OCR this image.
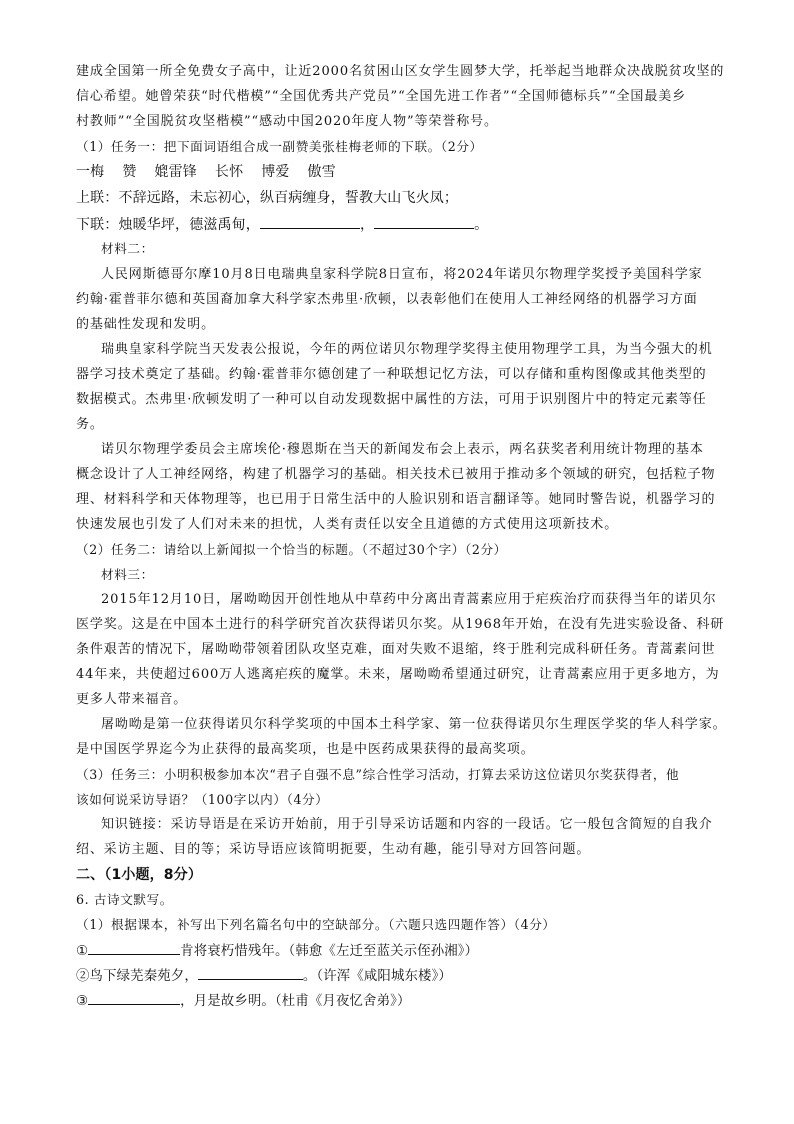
建成全国第一所全免费女子高中，让近2000名贫困山区女学生圆梦大学，托举起当地群众决战脱贫攻坚的
信心希望。她曾荣获“时代楷模”“全国优秀共产党员”“全国先进工作者”“全国师德标兵”“全国最美乡
村教师”“全国脱贫攻坚楷模”“感动中国2020年度人物”等荣誉称号。
（1）任务一：把下面词语组合成一副赞美张桂梅老师的下联。（2分）
一梅 赞 媲雷锋 长怀 博爱 傲雪
上联：不辞远路，未忘初心，纵百病缠身，誓教大山飞火凤；
下联：烛暖华坪，德滋禹甸，	，	。
材料二：
人民网斯德哥尔摩10月8日电瑞典皇家科学院8日宣布，将2024年诺贝尔物理学奖授予美国科学家
约翰·霍普菲尔德和英国裔加拿大科学家杰弗里·欣顿，以表彰他们在使用人工神经网络的机器学习方面
的基础性发现和发明。
瑞典皇家科学院当天发表公报说，今年的两位诺贝尔物理学奖得主使用物理学工具，为当今强大的机
器学习技术奠定了基础。约翰·霍普菲尔德创建了一种联想记忆方法，可以存储和重构图像或其他类型的
数据模式。杰弗里·欣顿发明了一种可以自动发现数据中属性的方法，可用于识别图片中的特定元素等任
务。
诺贝尔物理学委员会主席埃伦·穆恩斯在当天的新闻发布会上表示，两名获奖者利用统计物理的基本
概念设计了人工神经网络，构建了机器学习的基础。相关技术已被用于推动多个领域的研究，包括粒子物
理、材料科学和天体物理等，也已用于日常生活中的人脸识别和语言翻译等。她同时警告说，机器学习的
快速发展也引发了人们对未来的担忧，人类有责任以安全且道德的方式使用这项新技术。
（2）任务二：请给以上新闻拟一个恰当的标题。（不超过30个字）（2分）
材料三：
2015年12月10日，屠呦呦因开创性地从中草药中分离出青蒿素应用于疟疾治疗而获得当年的诺贝尔
医学奖。这是在中国本土进行的科学研究首次获得诺贝尔奖。从1968年开始，在没有先进实验设备、科研
条件艰苦的情况下，屠呦呦带领着团队攻坚克难，面对失败不退缩，终于胜利完成科研任务。青蒿素问世
44年来，共使超过600万人逃离疟疾的魔掌。未来，屠呦呦希望通过研究，让青蒿素应用于更多地方，为
更多人带来福音。
屠呦呦是第一位获得诺贝尔科学奖项的中国本土科学家、第一位获得诺贝尔生理医学奖的华人科学家。
是中国医学界迄今为止获得的最高奖项，也是中医药成果获得的最高奖项。
（3）任务三：小明积极参加本次“君子自强不息”综合性学习活动，打算去采访这位诺贝尔奖获得者，他
该如何说采访导语？（100字以内）（4分）
知识链接：采访导语是在采访开始前，用于引导采访话题和内容的一段话。它一般包含简短的自我介
绍、采访主题、目的等；采访导语应该简明扼要，生动有趣，能引导对方回答问题。
二、（1小题，8分）
6. 古诗文默写。
（1）根据课本，补写出下列名篇名句中的空缺部分。（六题只选四题作答）（4分）
①	肯将衰朽惜残年。（韩愈《左迁至蓝关示侄孙湘》）
②鸟下绿芜秦苑夕，	。（许浑《咸阳城东楼》）
③	，月是故乡明。（杜甫《月夜忆舍弟》）
